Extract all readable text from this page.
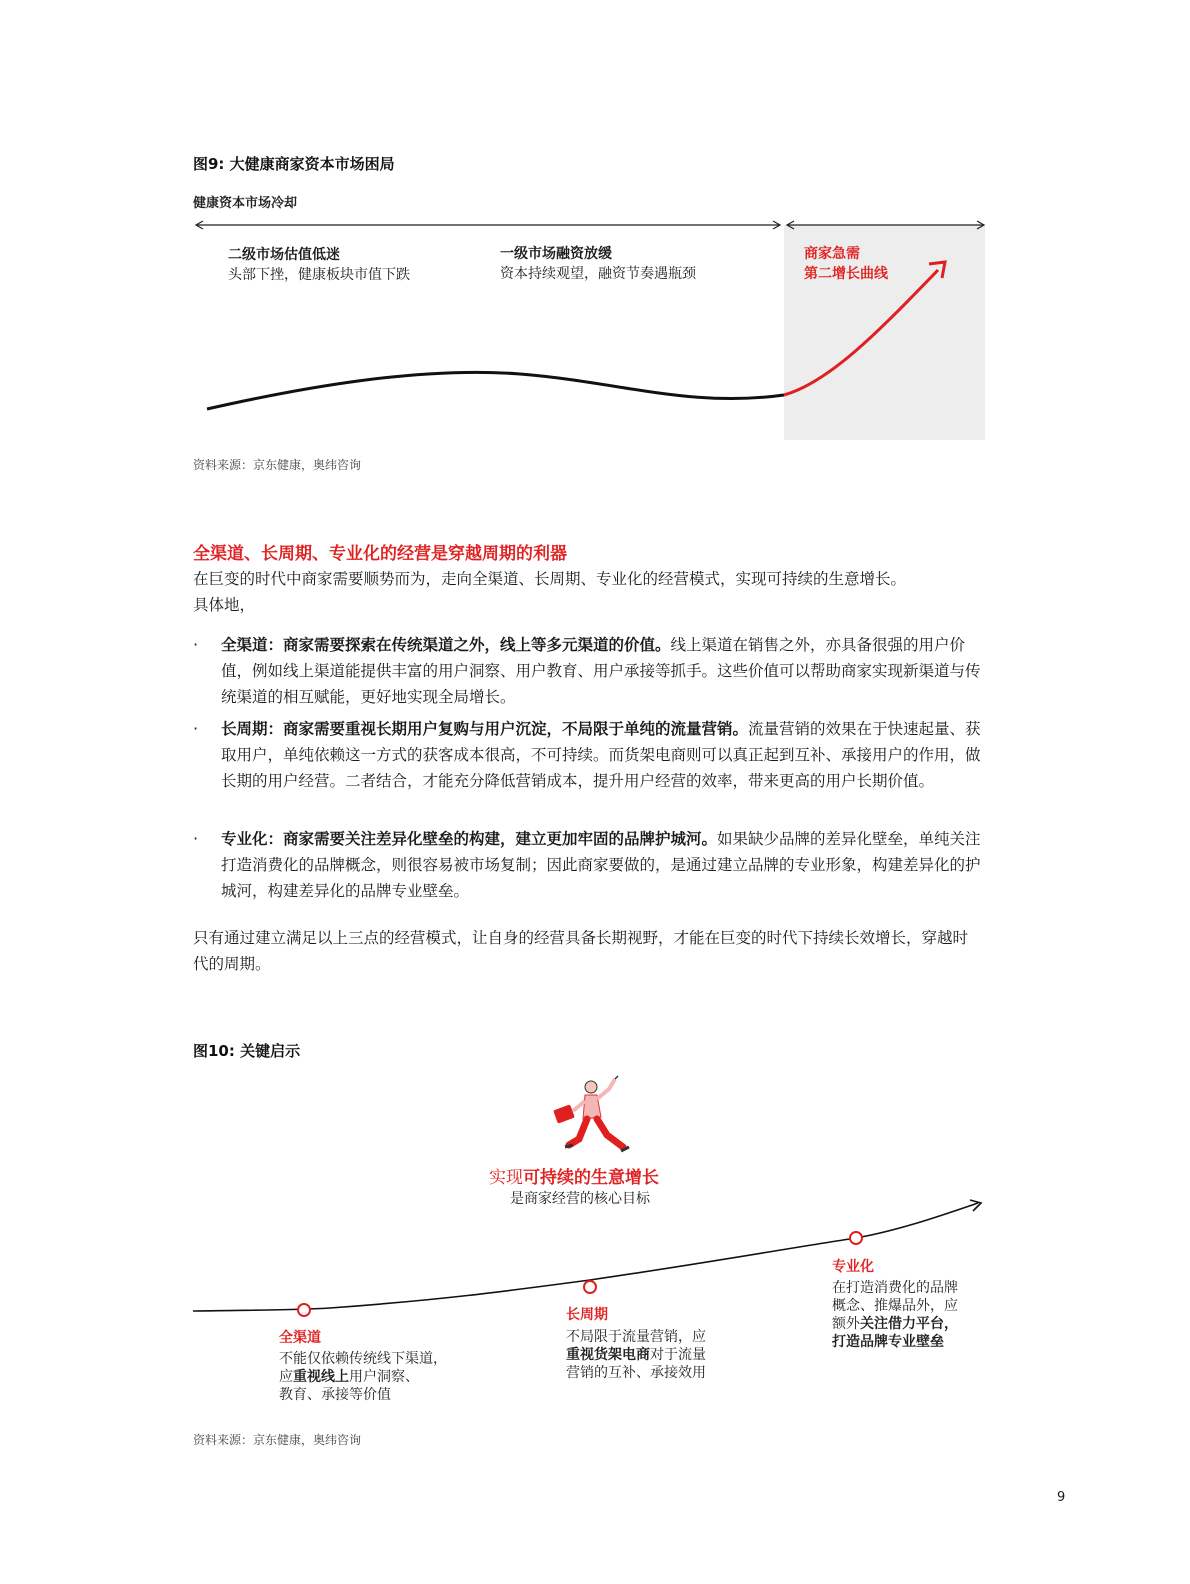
图9: 大健康商家资本市场困局
健康资本市场冷却
二级市场估值低迷
头部下挫，健康板块市值下跌
一级市场融资放缓
资本持续观望，融资节奏遇瓶颈
商家急需
第二增长曲线
资料来源：京东健康，奥纬咨询
全渠道、长周期、专业化的经营是穿越周期的利器
在巨变的时代中商家需要顺势而为，走向全渠道、长周期、专业化的经营模式，实现可持续的生意增长。
具体地，
· 全渠道：商家需要探索在传统渠道之外，线上等多元渠道的价值。线上渠道在销售之外，亦具备很强的用户价值，例如线上渠道能提供丰富的用户洞察、用户教育、用户承接等抓手。这些价值可以帮助商家实现新渠道与传统渠道的相互赋能，更好地实现全局增长。
· 长周期：商家需要重视长期用户复购与用户沉淀，不局限于单纯的流量营销。流量营销的效果在于快速起量、获取用户，单纯依赖这一方式的获客成本很高，不可持续。而货架电商则可以真正起到互补、承接用户的作用，做长期的用户经营。二者结合，才能充分降低营销成本，提升用户经营的效率，带来更高的用户长期价值。
· 专业化：商家需要关注差异化壁垒的构建，建立更加牢固的品牌护城河。如果缺少品牌的差异化壁垒，单纯关注打造消费化的品牌概念，则很容易被市场复制；因此商家要做的，是通过建立品牌的专业形象，构建差异化的护城河，构建差异化的品牌专业壁垒。
只有通过建立满足以上三点的经营模式，让自身的经营具备长期视野，才能在巨变的时代下持续长效增长，穿越时代的周期。
图10: 关键启示
实现可持续的生意增长
是商家经营的核心目标
全渠道
不能仅依赖传统线下渠道，
应重视线上用户洞察、
教育、承接等价值
长周期
不局限于流量营销，应
重视货架电商对于流量
营销的互补、承接效用
专业化
在打造消费化的品牌
概念、推爆品外，应
额外关注借力平台，
打造品牌专业壁垒
资料来源：京东健康，奥纬咨询
9
